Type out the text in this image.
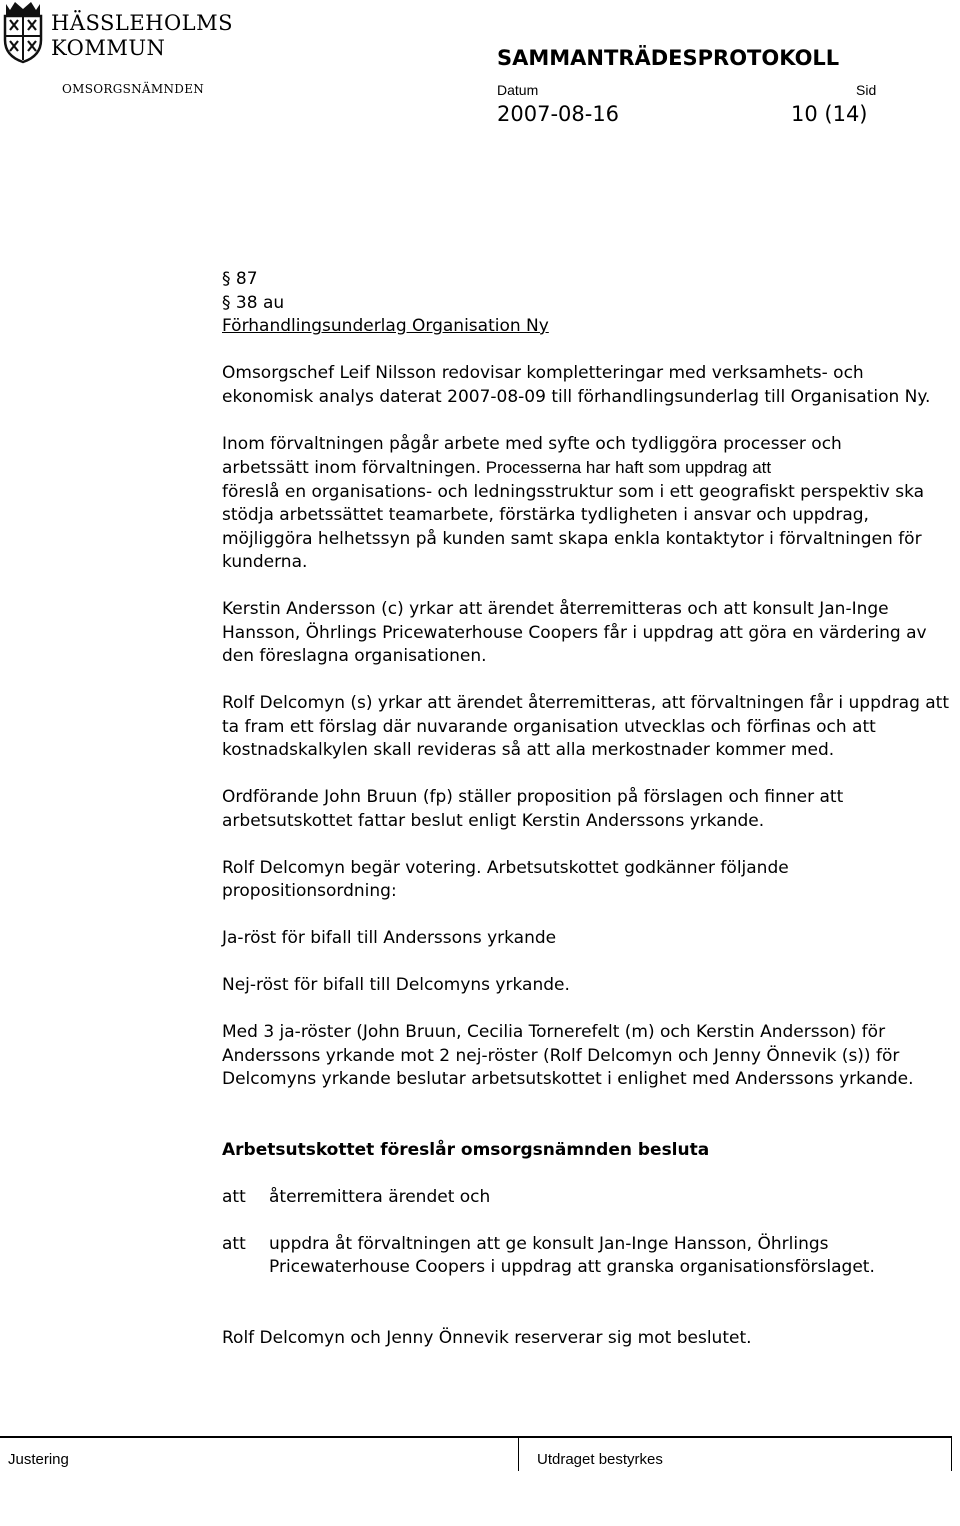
HÄSSLEHOLMS
KOMMUN
OMSORGSNÄMNDEN
SAMMANTRÄDESPROTOKOLL
Datum	Sid
2007-08-16	10 (14)

§ 87

§ 38 au

Förhandlingsunderlag Organisation Ny

Omsorgschef Leif Nilsson redovisar kompletteringar med verksamhets- och ekonomisk analys daterat 2007-08-09 till förhandlingsunderlag till Organisation Ny.

Inom förvaltningen pågår arbete med syfte och tydliggöra processer och
arbetssätt inom förvaltningen. Processerna har haft som uppdrag att
föreslå en organisations- och ledningsstruktur som i ett geografiskt perspektiv ska stödja arbetssättet teamarbete, förstärka tydligheten i ansvar och uppdrag, möjliggöra helhetssyn på kunden samt skapa enkla kontaktytor i förvaltningen för kunderna.

Kerstin Andersson (c) yrkar att ärendet återremitteras och att konsult Jan-Inge Hansson, Öhrlings Pricewaterhouse Coopers får i uppdrag att göra en värdering av den föreslagna organisationen.

Rolf Delcomyn (s) yrkar att ärendet återremitteras, att förvaltningen får i uppdrag att ta fram ett förslag där nuvarande organisation utvecklas och förfinas och att kostnadskalkylen skall revideras så att alla merkostnader kommer med.

Ordförande John Bruun (fp) ställer proposition på förslagen och finner att arbetsutskottet fattar beslut enligt Kerstin Anderssons yrkande.

Rolf Delcomyn begär votering. Arbetsutskottet godkänner följande propositionsordning:

Ja-röst för bifall till Anderssons yrkande

Nej-röst för bifall till Delcomyns yrkande.

Med 3 ja-röster (John Bruun, Cecilia Tornerefelt (m) och Kerstin Andersson) för Anderssons yrkande mot 2 nej-röster (Rolf Delcomyn och Jenny Önnevik (s)) för Delcomyns yrkande beslutar arbetsutskottet i enlighet med Anderssons yrkande.

Arbetsutskottet föreslår omsorgsnämnden besluta

att	återremittera ärendet och
att	uppdra åt förvaltningen att ge konsult Jan-Inge Hansson, Öhrlings Pricewaterhouse Coopers i uppdrag att granska organisationsförslaget.

Rolf Delcomyn och Jenny Önnevik reserverar sig mot beslutet.

Justering	Utdraget bestyrkes
